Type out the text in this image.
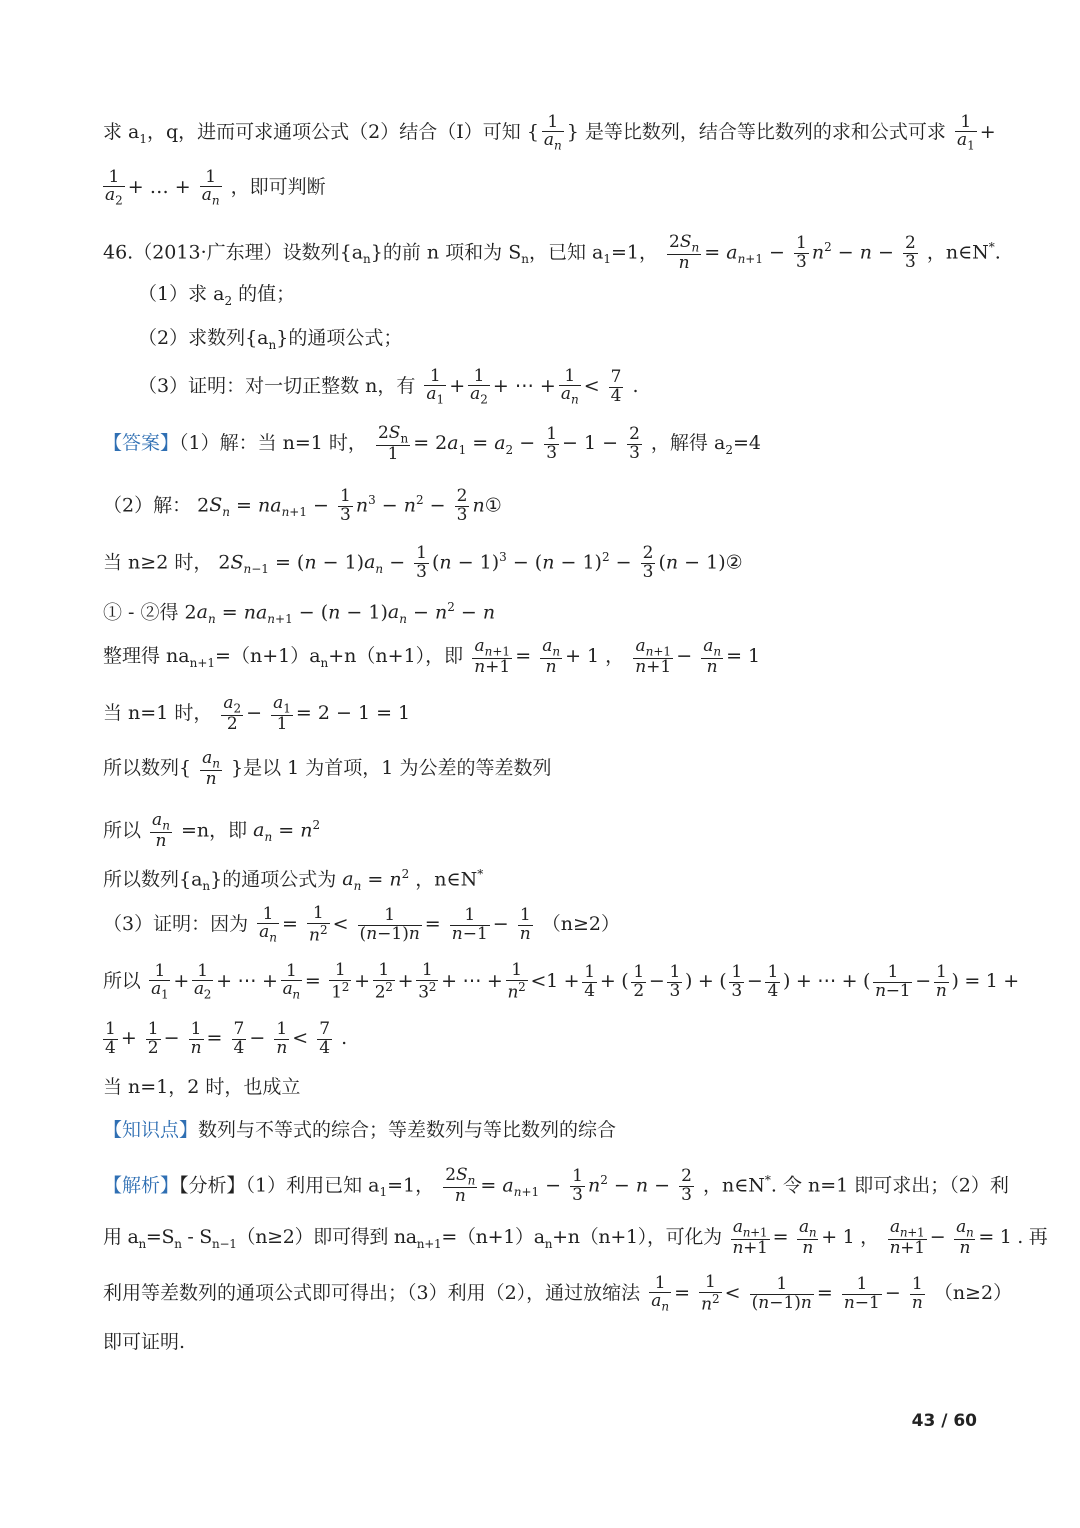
求 $a_1$，q，进而可求通项公式（2）结合（I）可知 { $\frac{1}{a_n}$ } 是等比数列，结合等比数列的求和公式可求 $\frac{1}{a_1}$ +
$\frac{1}{a_2}$ + … + $\frac{1}{a_n}$ ，即可判断
46.（2013·广东理）设数列$\{a_n\}$的前 n 项和为 $S_n$，已知 $a_1=1$， $\frac{2S_n}{n} = a_{n+1} - \frac{1}{3} n^2 - n - \frac{2}{3}$ ，n∈N*.
（1）求 $a_2$ 的值；
（2）求数列$\{a_n\}$的通项公式；
（3）证明：对一切正整数 n，有 $\frac{1}{a_1} + \frac{1}{a_2}$ + ⋯ + $\frac{1}{a_n} < \frac{7}{4}$ .
【答案】（1）解：当 n=1 时， $\frac{2S_n}{1} = 2a_1 = a_2 - \frac{1}{3} - 1 - \frac{2}{3}$ ，解得 $a_2=4$
（2）解： $2S_n = na_{n+1} - \frac{1}{3} n^3 - n^2 - \frac{2}{3}$ n①
当 n≥2 时， $2S_{n-1} = (n - 1)a_n - \frac{1}{3} (n - 1)^3 - (n - 1)^2 - \frac{2}{3} (n$ − 1)②
① - ②得 $2a_n = na_{n+1} - (n - 1)a_n - n^2 - n$
整理得 $na_{n+1}=(n+1)a_n+n(n+1)$，即 $\frac{a_{n+1}}{n+1} = \frac{a_n}{n} + 1$ ， $\frac{a_{n+1}}{n+1} - \frac{a_n}{n} = 1$
当 n=1 时， $\frac{a_2}{2} - \frac{a_1}{1} = 2 - 1 = 1$
所以数列{ $\frac{a_n}{n}$ }是以 1 为首项，1 为公差的等差数列
所以 $\frac{a_n}{n} =n$，即 $a_n = n^2$
所以数列$\{a_n\}$的通项公式为 $a_n = n^2$ ，n∈N*
（3）证明：因为 $\frac{1}{a_n} = \frac{1}{n^2} < \frac{1}{(n-1)n} = \frac{1}{n-1} - \frac{1}{n} (n\ge 2)$
所以 $\frac{1}{a_1} + \frac{1}{a_2}$ + ⋯ + $\frac{1}{a_n} = \frac{1}{1^2} + \frac{1}{2^2} + \frac{1}{3^2}$ + ⋯ + $\frac{1}{n^2} <1 + \frac{1}{4}$ + ( $\frac{1}{2} - \frac{1}{3}$ ) + ( $\frac{1}{3} - \frac{1}{4}$ ) + ⋯ + ( $\frac{1}{n-1} - \frac{1}{n}$ ) = 1 +
$\frac{1}{4} + \frac{1}{2} - \frac{1}{n} = \frac{7}{4} - \frac{1}{n} < \frac{7}{4}$ .
当 n=1，2 时，也成立
【知识点】数列与不等式的综合；等差数列与等比数列的综合
【解析】【分析】（1）利用已知 $a_1=1$， $\frac{2S_n}{n} = a_{n+1} - \frac{1}{3} n^2 - n - \frac{2}{3}$ ，n∈N*. 令 n=1 即可求出；（2）利
用 $a_n=S_n - S_{n-1}(n\ge 2)$即可得到 $na_{n+1}=(n+1)a_n+n(n+1)$，可化为 $\frac{a_{n+1}}{n+1} = \frac{a_n}{n} + 1$ ， $\frac{a_{n+1}}{n+1} - \frac{a_n}{n} = 1$ . 再
利用等差数列的通项公式即可得出；（3）利用（2），通过放缩法 $\frac{1}{a_n} = \frac{1}{n^2} < \frac{1}{(n-1)n} = \frac{1}{n-1} - \frac{1}{n} (n\ge 2)$
即可证明.
43 / 60
